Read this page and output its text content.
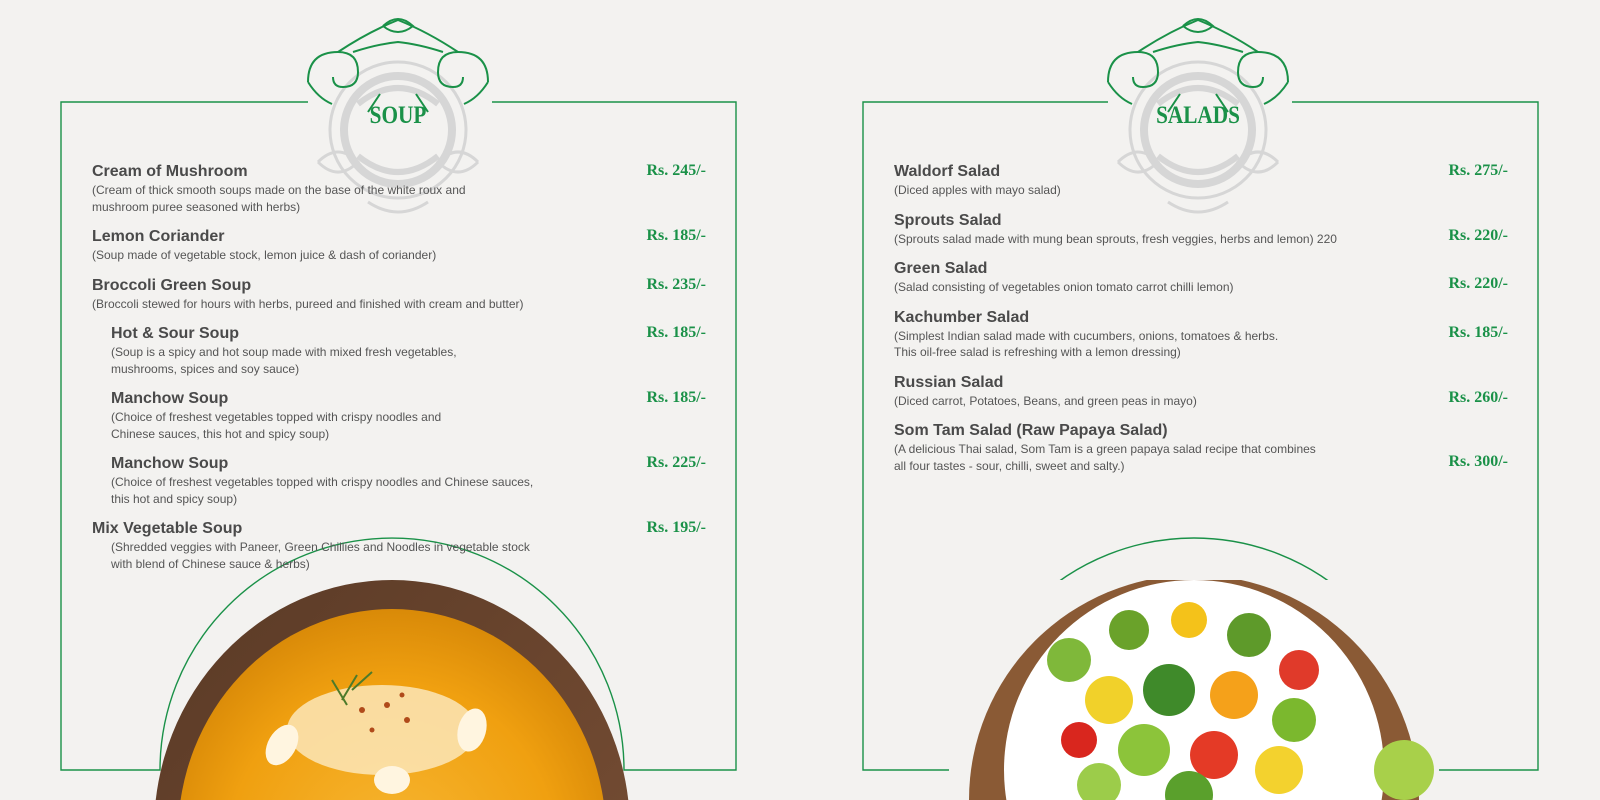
SOUP
Rs. 245/-
Cream of Mushroom
(Cream of thick smooth soups made on the base of the white roux and
mushroom puree seasoned with herbs)
Rs. 185/-
Lemon Coriander
(Soup made of vegetable stock, lemon juice & dash of coriander)
Rs. 235/-
Broccoli Green Soup
(Broccoli stewed for hours with herbs, pureed and finished with cream and butter)
Rs. 185/-
Hot & Sour Soup
(Soup is a spicy and hot soup made with mixed fresh vegetables,
mushrooms, spices and soy sauce)
Rs. 185/-
Manchow Soup
(Choice of freshest vegetables topped with crispy noodles and
Chinese sauces, this hot and spicy soup)
Rs. 225/-
Manchow Soup
(Choice of freshest vegetables topped with crispy noodles and Chinese sauces,
this hot and spicy soup)
Rs. 195/-
Mix Vegetable Soup
(Shredded veggies with Paneer, Green Chillies and Noodles in vegetable stock
with blend of Chinese sauce & herbs)
SALADS
Rs. 275/-
Waldorf Salad
(Diced apples with mayo salad)
Rs. 220/-
Sprouts Salad
(Sprouts salad made with mung bean sprouts, fresh veggies, herbs and lemon) 220
Rs. 220/-
Green Salad
(Salad consisting of vegetables onion tomato carrot chilli lemon)
Rs. 185/-
Kachumber Salad
(Simplest Indian salad made with cucumbers, onions, tomatoes & herbs.
This oil-free salad is refreshing with a lemon dressing)
Rs. 260/-
Russian Salad
(Diced carrot, Potatoes, Beans, and green peas in mayo)
Rs. 300/-
Som Tam Salad (Raw Papaya Salad)
(A delicious Thai salad, Som Tam is a green papaya salad recipe that combines
all four tastes - sour, chilli, sweet and salty.)
